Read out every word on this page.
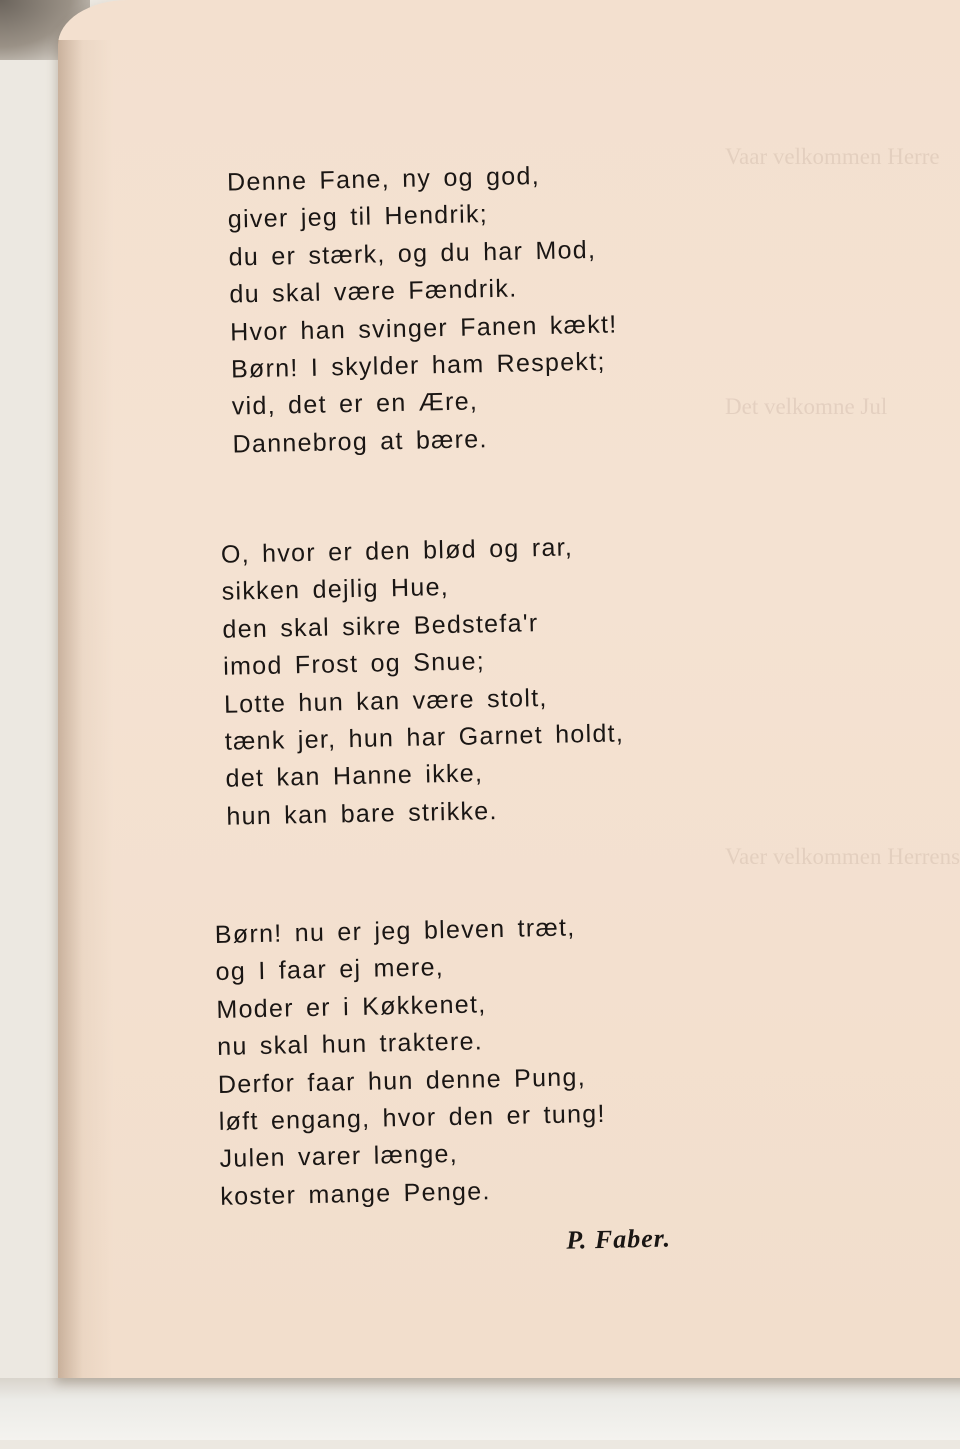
Vaar velkommen Herre
Det velkomne Jul
Vaer velkommen Herrens
Denne Fane, ny og god,
giver jeg til Hendrik;
du er stærk, og du har Mod,
du skal være Fændrik.
Hvor han svinger Fanen kækt!
Børn! I skylder ham Respekt;
vid, det er en Ære,
Dannebrog at bære.
O, hvor er den blød og rar,
sikken dejlig Hue,
den skal sikre Bedstefa'r
imod Frost og Snue;
Lotte hun kan være stolt,
tænk jer, hun har Garnet holdt,
det kan Hanne ikke,
hun kan bare strikke.
Børn! nu er jeg bleven træt,
og I faar ej mere,
Moder er i Køkkenet,
nu skal hun traktere.
Derfor faar hun denne Pung,
løft engang, hvor den er tung!
Julen varer længe,
koster mange Penge.
P. Faber.
